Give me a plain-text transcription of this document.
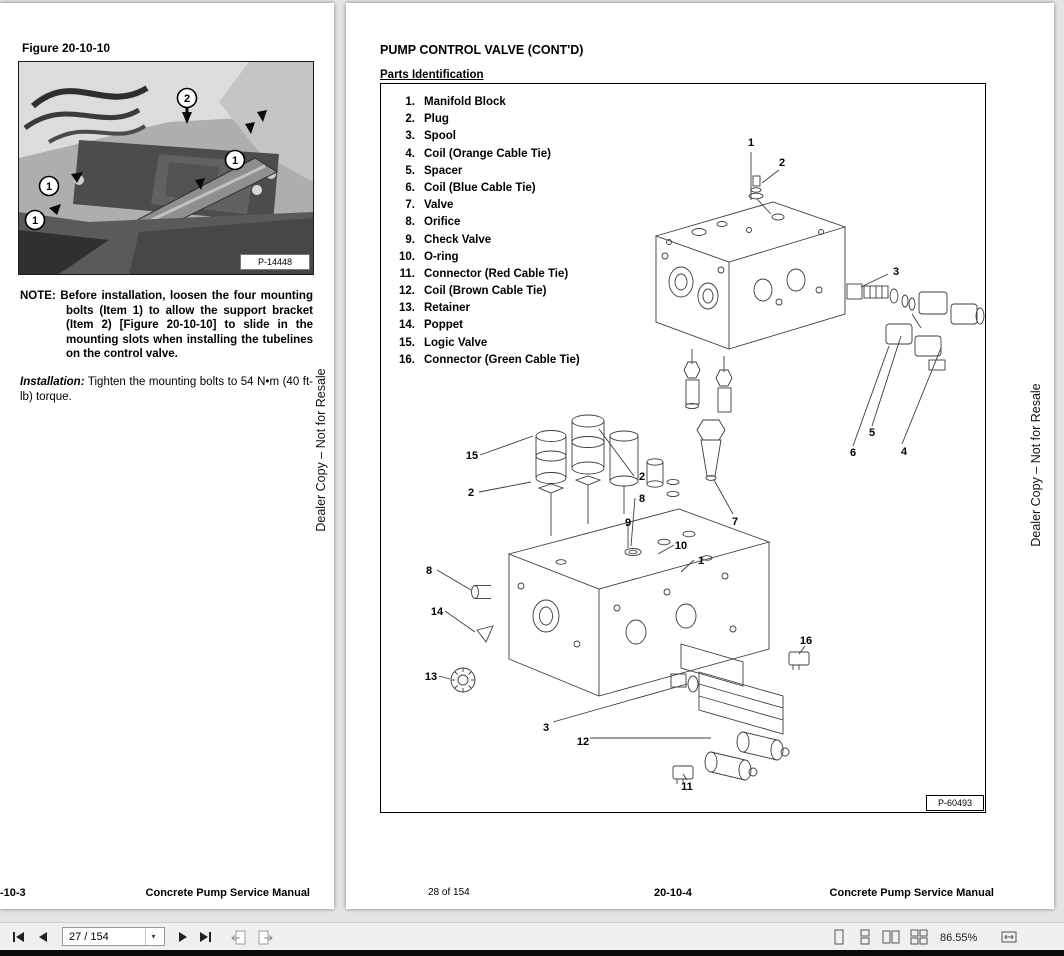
Figure 20-10-10
2
1
1
1
P-14448

NOTE: Before installation, loosen the four mounting bolts (Item 1) to allow the support bracket (Item 2) [Figure 20-10-10] to slide in the mounting slots when installing the tubelines on the control valve.

Installation: Tighten the mounting bolts to 54 N•m (40 ft-lb) torque.	Dealer Copy – Not for Resale
-10-3	Concrete Pump Service Manual
PUMP CONTROL VALVE (CONT'D)
Parts Identification
1. Manifold Block
2. Plug
3. Spool
4. Coil (Orange Cable Tie)
5. Spacer
6. Coil (Blue Cable Tie)
7. Valve
8. Orifice
9. Check Valve
10. O-ring
11. Connector (Red Cable Tie)
12. Coil (Brown Cable Tie)
13. Retainer
14. Poppet
15. Logic Valve
16. Connector (Green Cable Tie)
1
2
3
4
5
6
7
15
2
2
8
9
10
1
8
14
13
3
12
11
16
P-60493
Dealer Copy – Not for Resale
28 of 154	20-10-4	Concrete Pump Service Manual
27 / 154
▾	86.55%
